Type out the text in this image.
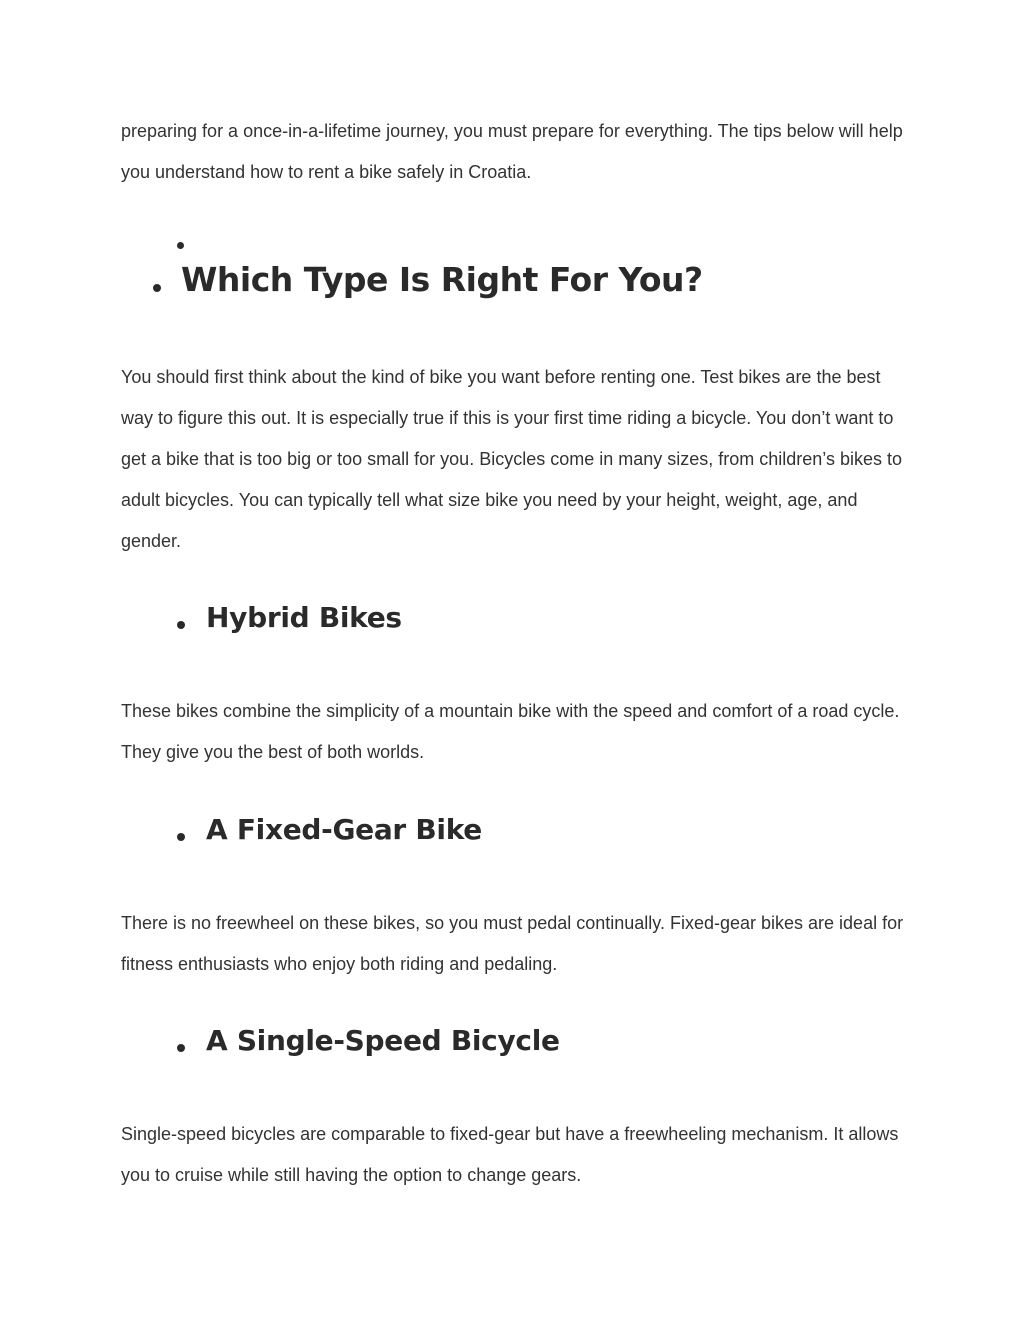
preparing for a once-in-a-lifetime journey, you must prepare for everything. The tips below will help you understand how to rent a bike safely in Croatia.

Which Type Is Right For You?

You should first think about the kind of bike you want before renting one. Test bikes are the best way to figure this out. It is especially true if this is your first time riding a bicycle. You don’t want to get a bike that is too big or too small for you. Bicycles come in many sizes, from children’s bikes to adult bicycles. You can typically tell what size bike you need by your height, weight, age, and gender.

Hybrid Bikes

These bikes combine the simplicity of a mountain bike with the speed and comfort of a road cycle. They give you the best of both worlds.

A Fixed-Gear Bike

There is no freewheel on these bikes, so you must pedal continually. Fixed-gear bikes are ideal for fitness enthusiasts who enjoy both riding and pedaling.

A Single-Speed Bicycle

Single-speed bicycles are comparable to fixed-gear but have a freewheeling mechanism. It allows you to cruise while still having the option to change gears.
